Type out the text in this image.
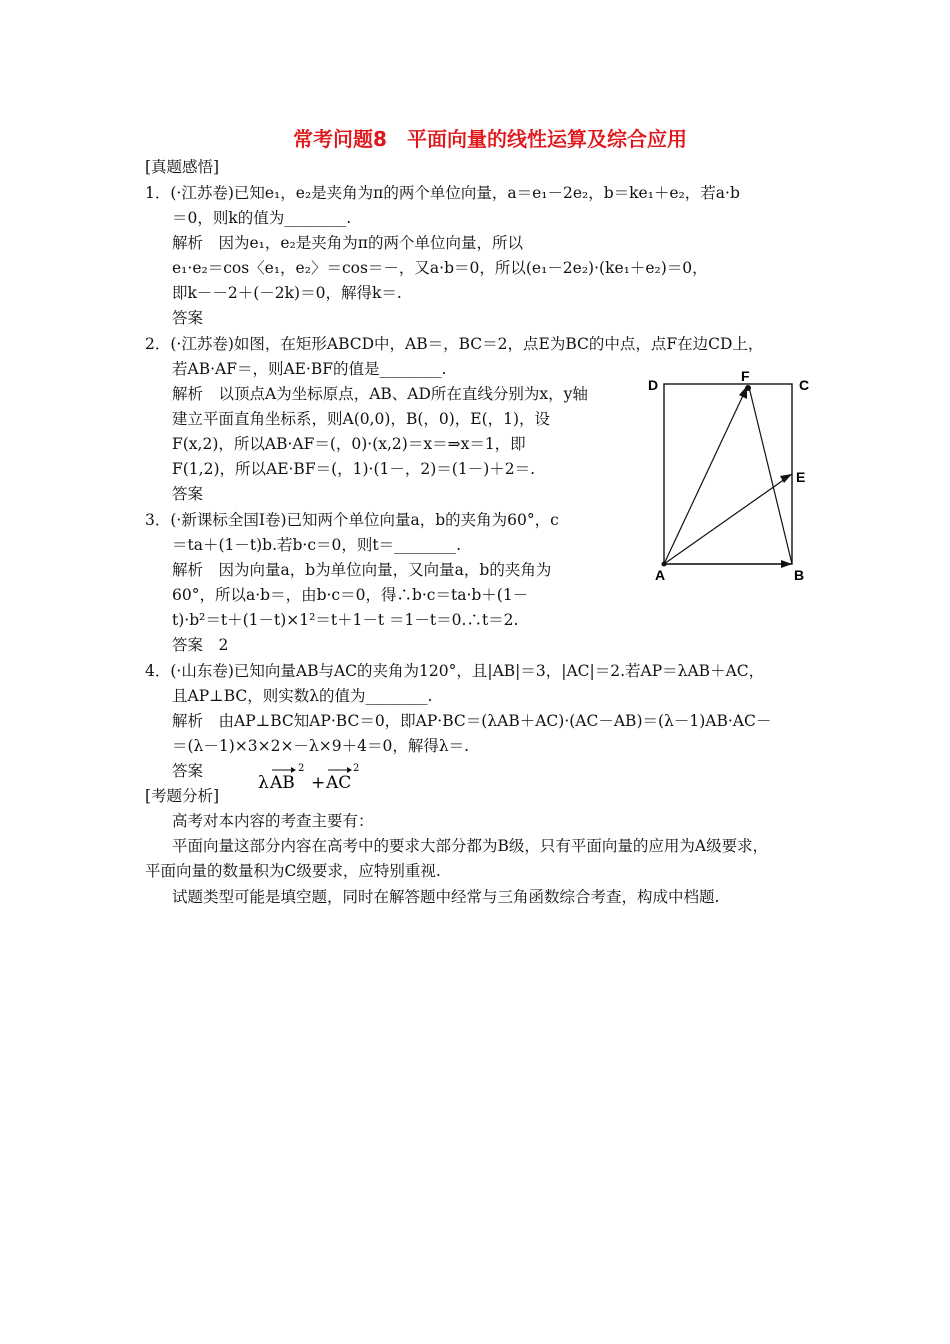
常考问题8　平面向量的线性运算及综合应用
[真题感悟]
1．(·江苏卷)已知e₁，e₂是夹角为π的两个单位向量，a＝e₁－2e₂，b＝ke₁＋e₂，若a·b
＝0，则k的值为________.
解析　因为e₁，e₂是夹角为π的两个单位向量，所以
e₁·e₂＝cos〈e₁，e₂〉＝cos＝－，又a·b＝0，所以(e₁－2e₂)·(ke₁＋e₂)＝0，
即k－－2＋(－2k)＝0，解得k＝.
答案
2．(·江苏卷)如图，在矩形ABCD中，AB＝，BC＝2，点E为BC的中点，点F在边CD上，
若AB·AF＝，则AE·BF的值是________.
解析　以顶点A为坐标原点，AB、AD所在直线分别为x，y轴
建立平面直角坐标系，则A(0,0)，B(，0)，E(，1)，设
F(x,2)，所以AB·AF＝(，0)·(x,2)＝x＝⇒x＝1，即
F(1,2)，所以AE·BF＝(，1)·(1－，2)＝(1－)＋2＝.
答案
3．(·新课标全国Ⅰ卷)已知两个单位向量a，b的夹角为60°，c
＝ta＋(1－t)b.若b·c＝0，则t＝________.
解析　因为向量a，b为单位向量，又向量a，b的夹角为
60°，所以a·b＝，由b·c＝0，得∴b·c＝ta·b＋(1－
t)·b²＝t＋(1－t)×1²＝t＋1－t ＝1－t＝0.∴t＝2.
答案　2
4．(·山东卷)已知向量AB与AC的夹角为120°，且|AB|＝3，|AC|＝2.若AP＝λAB＋AC，
且AP⊥BC，则实数λ的值为________.
解析　由AP⊥BC知AP·BC＝0，即AP·BC＝(λAB＋AC)·(AC－AB)＝(λ－1)AB·AC－
＝(λ－1)×3×2×－λ×9＋4＝0，解得λ＝.
答案
λ AB
2
+ AC
2
[考题分析]
高考对本内容的考查主要有：
平面向量这部分内容在高考中的要求大部分都为B级，只有平面向量的应用为A级要求，
平面向量的数量积为C级要求，应特别重视.
试题类型可能是填空题，同时在解答题中经常与三角函数综合考查，构成中档题.
D
F
C
E
A	B
